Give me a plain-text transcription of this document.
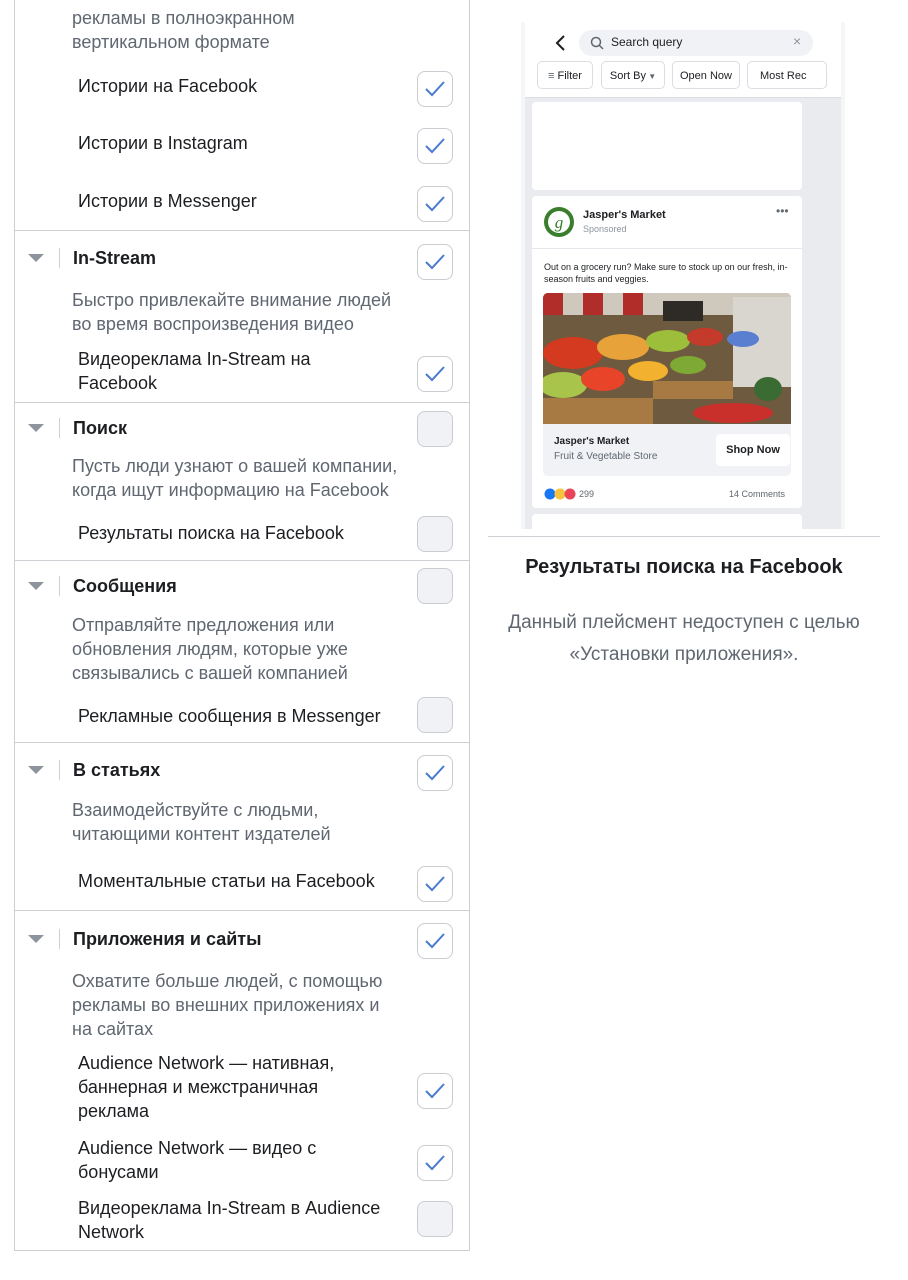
рекламы в полноэкранном вертикальном формате
Истории на Facebook
Истории в Instagram
Истории в Messenger
In-Stream
Быстро привлекайте внимание людей во время воспроизведения видео
Видеореклама In-Stream на Facebook
Поиск
Пусть люди узнают о вашей компании, когда ищут информацию на Facebook
Результаты поиска на Facebook
Сообщения
Отправляйте предложения или обновления людям, которые уже связывались с вашей компанией
Рекламные сообщения в Messenger
В статьях
Взаимодействуйте с людьми, читающими контент издателей
Моментальные статьи на Facebook
Приложения и сайты
Охватите больше людей, с помощью рекламы во внешних приложениях и на сайтах
Audience Network — нативная, баннерная и межстраничная реклама
Audience Network — видео с бонусами
Видеореклама In-Stream в Audience Network
Search query	×
≡ Filter	Sort By ▼	Open Now	Most Rec
g Jasper's Market
Sponsored
•••
Out on a grocery run? Make sure to stock up on our fresh, in-season fruits and veggies.
Jasper's Market
Fruit & Vegetable Store
Shop Now
299	14 Comments
Результаты поиска на Facebook
Данный плейсмент недоступен с целью «Установки приложения».
